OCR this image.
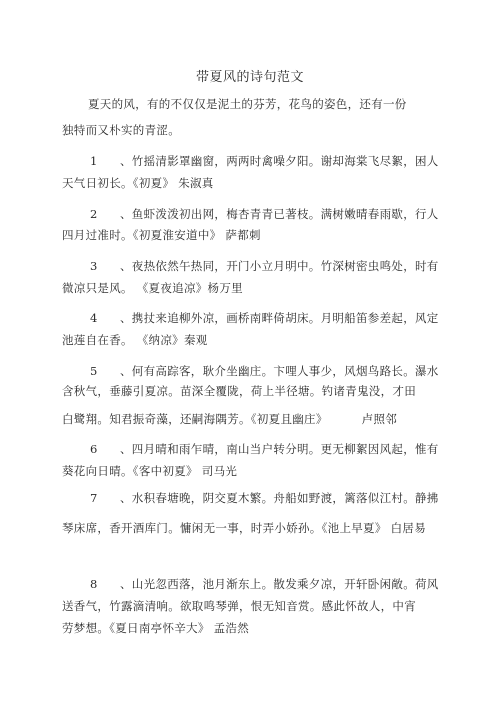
带夏风的诗句范文
夏天的风，有的不仅仅是泥土的芬芳，花鸟的姿色，还有一份
独特而又朴实的青涩。
1 、竹摇清影罩幽窗，两两时禽噪夕阳。谢却海棠飞尽絮，困人
天气日初长。《初夏》 朱淑真
2 、鱼虾泼泼初出网，梅杏青青已著枝。满树嫩晴春雨歇，行人
四月过准时。《初夏淮安道中》 萨都刺
3 、夜热依然午热同，开门小立月明中。竹深树密虫鸣处，时有
微凉只是风。 《夏夜追凉》杨万里
4 、携扙来追柳外凉，画桥南畔倚胡床。月明船笛参差起，风定
池莲自在香。 《纳凉》秦观
5 、何有高踪客，耿介坐幽庄。卞哩人事少，风烟鸟路长。瀑水
含秋气，垂藤引夏凉。苗深全覆陇，荷上半径塘。钓诸青鬼没，才田
白鹭翔。知君振奇藻，还嗣海隅芳。《初夏且幽庄》	卢照邻
6 、四月晴和雨乍晴，南山当户转分明。更无柳絮因风起，惟有
葵花向日晴。《客中初夏》 司马光
7 、水积春塘晚，阴交夏木繁。舟船如野渡，篱落似江村。静拂
琴床席，香开酒库门。慵闲无一事，时弄小娇孙。《池上早夏》 白居易
8 、山光忽西落，池月渐东上。散发乘夕凉，开轩卧闲敞。荷风
送香气，竹露滴清响。欲取鸣琴弹，恨无知音赏。感此怀故人，中宵
劳梦想。《夏日南亭怀辛大》 孟浩然
